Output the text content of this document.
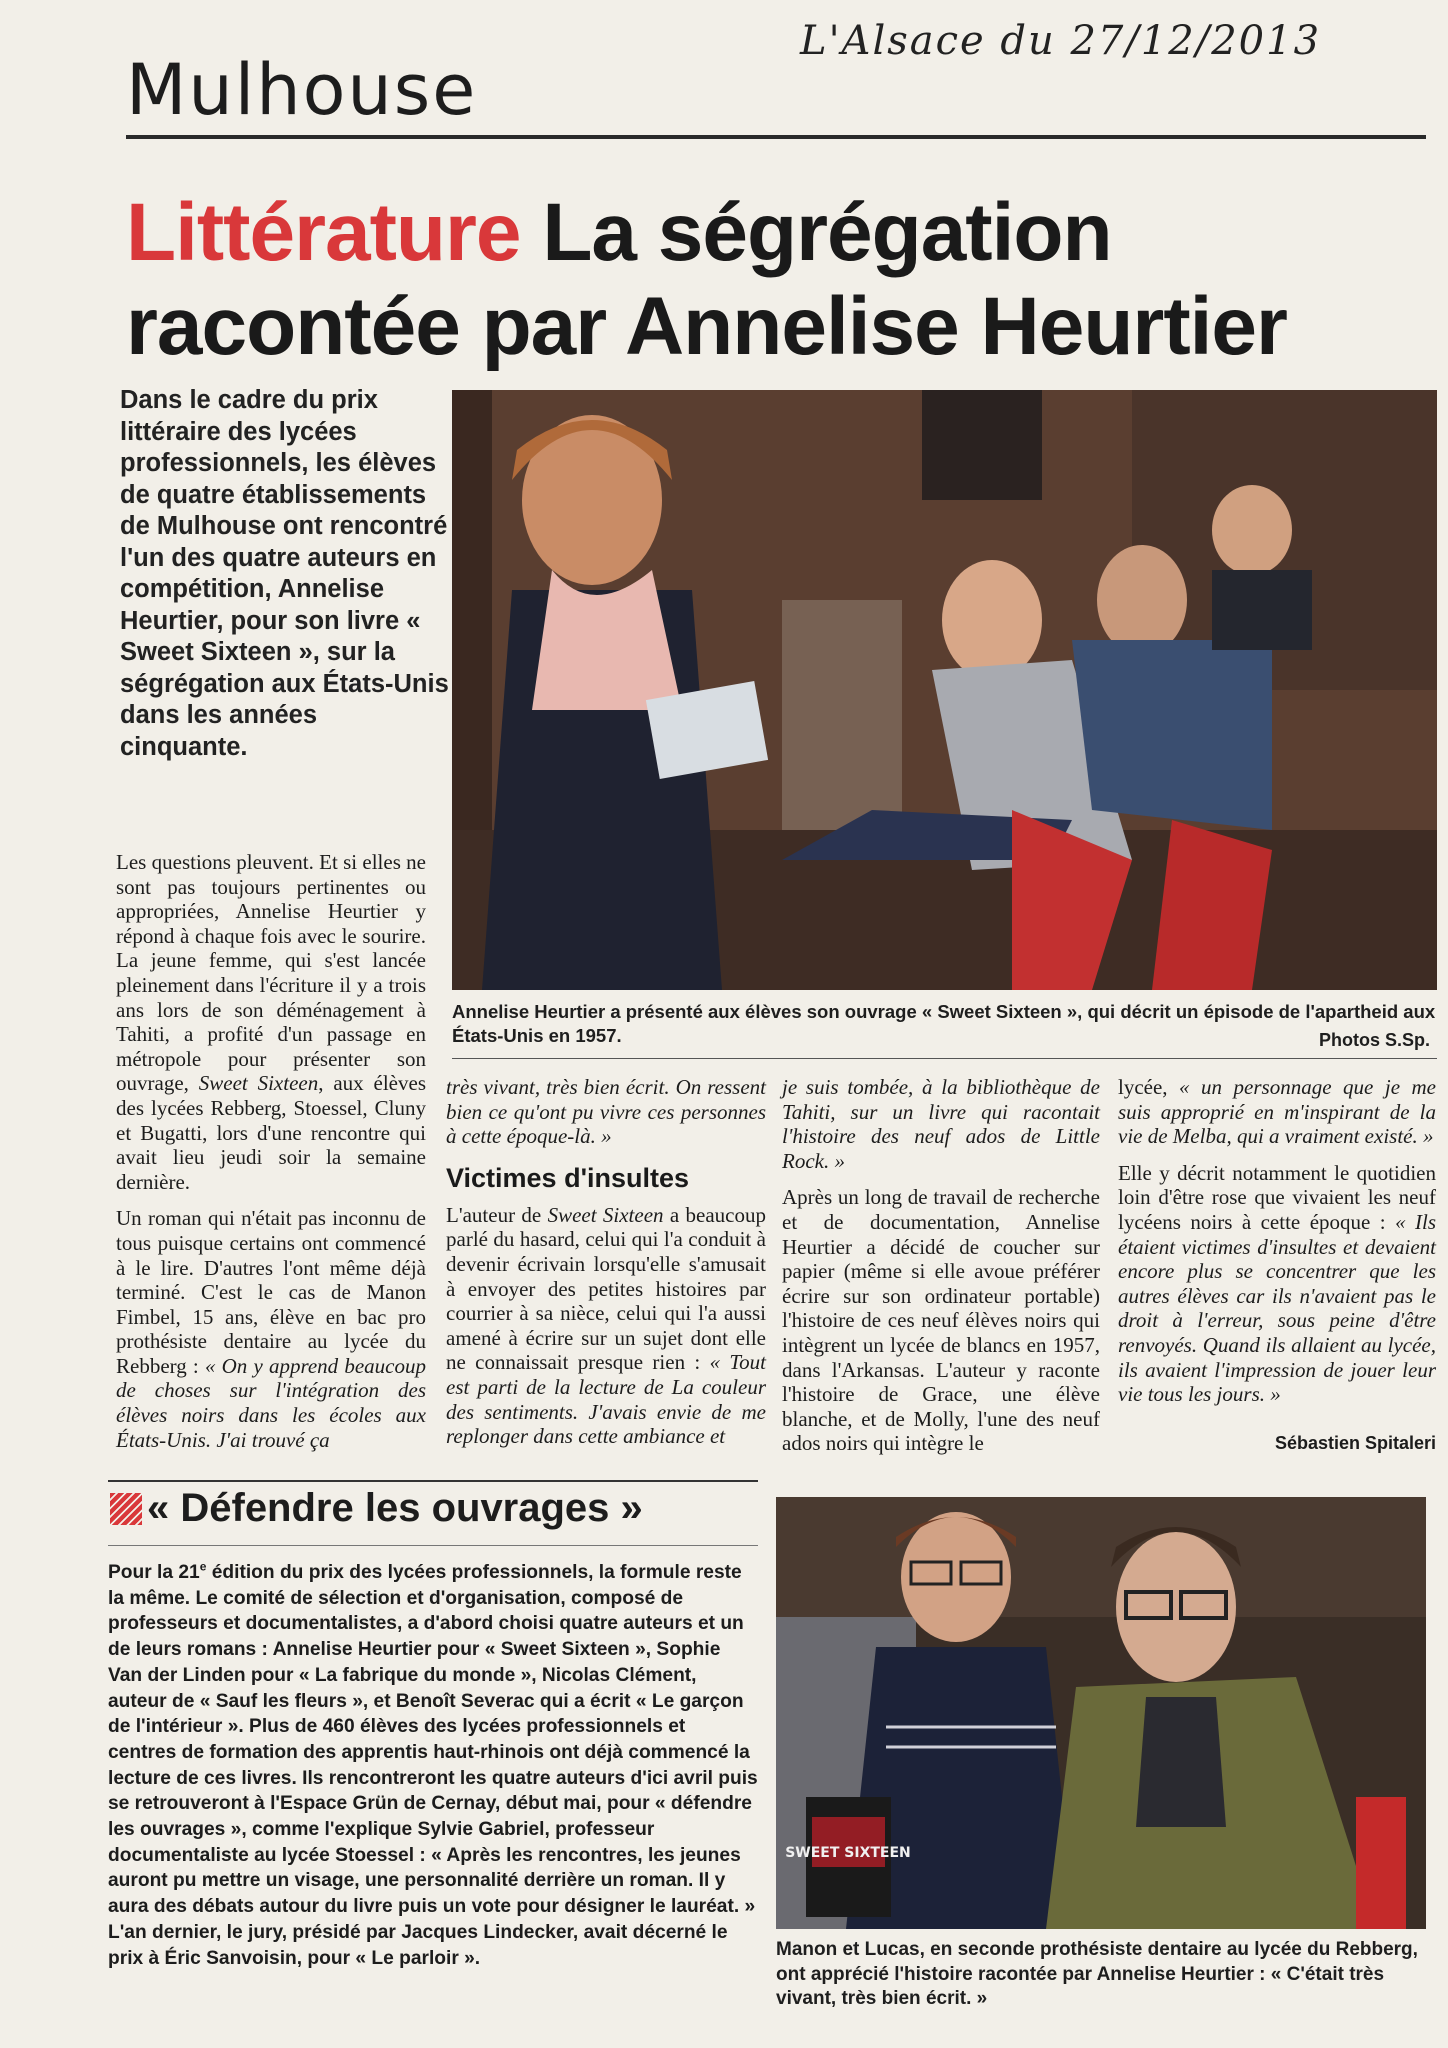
L'Alsace du 27/12/2013
Mulhouse
Littérature La ségrégation racontée par Annelise Heurtier
Dans le cadre du prix littéraire des lycées professionnels, les élèves de quatre établissements de Mulhouse ont rencontré l'un des quatre auteurs en compétition, Annelise Heurtier, pour son livre « Sweet Sixteen », sur la ségrégation aux États-Unis dans les années cinquante.
Annelise Heurtier a présenté aux élèves son ouvrage « Sweet Sixteen », qui décrit un épisode de l'apartheid aux États-Unis en 1957.	Photos S.Sp.

Les questions pleuvent. Et si elles ne sont pas toujours pertinentes ou appropriées, Annelise Heurtier y répond à chaque fois avec le sourire. La jeune femme, qui s'est lancée pleinement dans l'écriture il y a trois ans lors de son déménagement à Tahiti, a profité d'un passage en métropole pour présenter son ouvrage, Sweet Sixteen, aux élèves des lycées Rebberg, Stoessel, Cluny et Bugatti, lors d'une rencontre qui avait lieu jeudi soir la semaine dernière.

Un roman qui n'était pas inconnu de tous puisque certains ont commencé à le lire. D'autres l'ont même déjà terminé. C'est le cas de Manon Fimbel, 15 ans, élève en bac pro prothésiste dentaire au lycée du Rebberg : « On y apprend beaucoup de choses sur l'intégration des élèves noirs dans les écoles aux États-Unis. J'ai trouvé ça

très vivant, très bien écrit. On ressent bien ce qu'ont pu vivre ces personnes à cette époque-là. »

Victimes d'insultes

L'auteur de Sweet Sixteen a beaucoup parlé du hasard, celui qui l'a conduit à devenir écrivain lorsqu'elle s'amusait à envoyer des petites histoires par courrier à sa nièce, celui qui l'a aussi amené à écrire sur un sujet dont elle ne connaissait presque rien : « Tout est parti de la lecture de La couleur des sentiments. J'avais envie de me replonger dans cette ambiance et

je suis tombée, à la bibliothèque de Tahiti, sur un livre qui racontait l'histoire des neuf ados de Little Rock. »

Après un long de travail de recherche et de documentation, Annelise Heurtier a décidé de coucher sur papier (même si elle avoue préférer écrire sur son ordinateur portable) l'histoire de ces neuf élèves noirs qui intègrent un lycée de blancs en 1957, dans l'Arkansas. L'auteur y raconte l'histoire de Grace, une élève blanche, et de Molly, l'une des neuf ados noirs qui intègre le

lycée, « un personnage que je me suis approprié en m'inspirant de la vie de Melba, qui a vraiment existé. »

Elle y décrit notamment le quotidien loin d'être rose que vivaient les neuf lycéens noirs à cette époque : « Ils étaient victimes d'insultes et devaient encore plus se concentrer que les autres élèves car ils n'avaient pas le droit à l'erreur, sous peine d'être renvoyés. Quand ils allaient au lycée, ils avaient l'impression de jouer leur vie tous les jours. »

Sébastien Spitaleri
« Défendre les ouvrages »
Pour la 21e édition du prix des lycées professionnels, la formule reste la même. Le comité de sélection et d'organisation, composé de professeurs et documentalistes, a d'abord choisi quatre auteurs et un de leurs romans : Annelise Heurtier pour « Sweet Sixteen », Sophie Van der Linden pour « La fabrique du monde », Nicolas Clément, auteur de « Sauf les fleurs », et Benoît Severac qui a écrit « Le garçon de l'intérieur ». Plus de 460 élèves des lycées professionnels et centres de formation des apprentis haut-rhinois ont déjà commencé la lecture de ces livres. Ils rencontreront les quatre auteurs d'ici avril puis se retrouveront à l'Espace Grün de Cernay, début mai, pour « défendre les ouvrages », comme l'explique Sylvie Gabriel, professeur documentaliste au lycée Stoessel : « Après les rencontres, les jeunes auront pu mettre un visage, une personnalité derrière un roman. Il y aura des débats autour du livre puis un vote pour désigner le lauréat. » L'an dernier, le jury, présidé par Jacques Lindecker, avait décerné le prix à Éric Sanvoisin, pour « Le parloir ».
SWEET SIXTEEN
Manon et Lucas, en seconde prothésiste dentaire au lycée du Rebberg, ont apprécié l'histoire racontée par Annelise Heurtier : « C'était très vivant, très bien écrit. »
